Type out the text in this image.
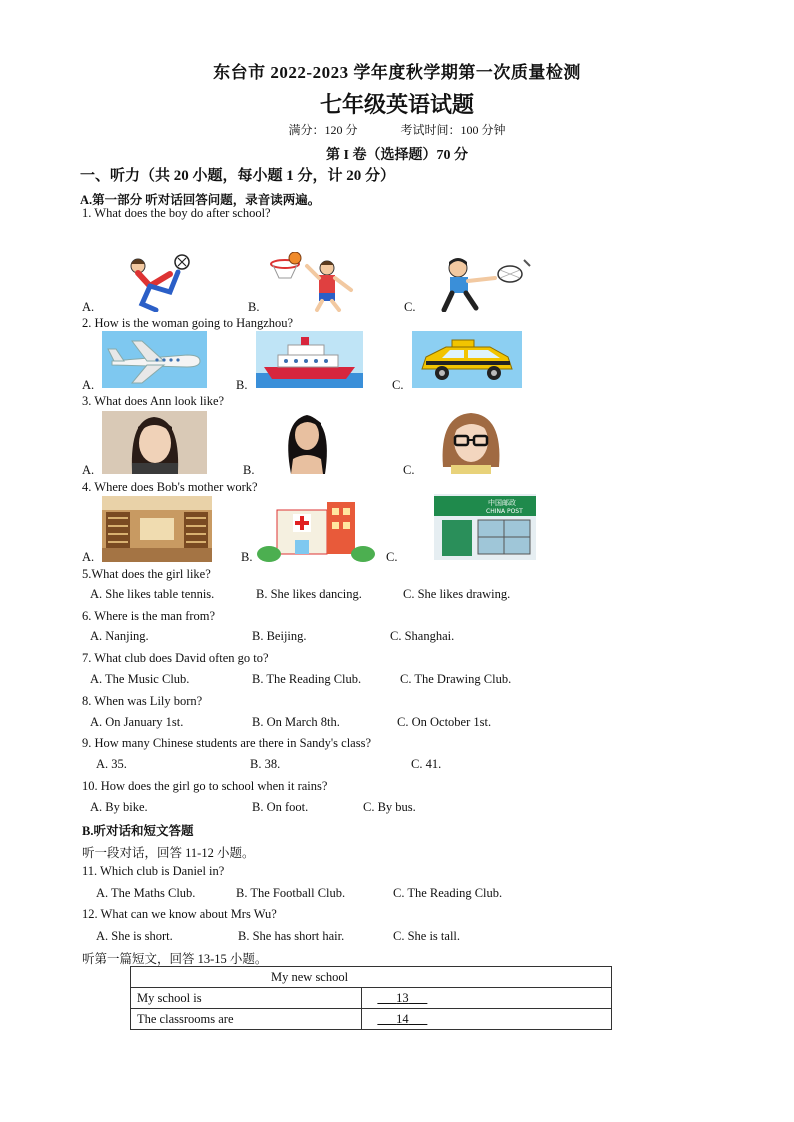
东台市 2022-2023 学年度秋学期第一次质量检测
七年级英语试题
满分：120 分	考试时间：100 分钟
第 I 卷（选择题）70 分
一、听力（共 20 小题，每小题 1 分，计 20 分）
A.第一部分 听对话回答问题，录音读两遍。
1. What does the boy do after school?
A.	B.	C.
2. How is the woman going to Hangzhou?
A.	B.	C.
3. What does Ann look like?
A.	B.	C.
4. Where does Bob's mother work?
中国邮政
CHINA POST
A.	B.	C.
5.What does the girl like?
A. She likes table tennis.	B. She likes dancing.	C. She likes drawing.
6. Where is the man from?
A. Nanjing.	B. Beijing.	C. Shanghai.
7. What club does David often go to?
A. The Music Club.	B. The Reading Club.	C. The Drawing Club.
8. When was Lily born?
A. On January 1st.	B. On March 8th.	C. On October 1st.
9. How many Chinese students are there in Sandy's class?
A. 35.	B. 38.	C. 41.
10. How does the girl go to school when it rains?
A. By bike.	B. On foot.	C. By bus.
B.听对话和短文答题
听一段对话，回答 11-12 小题。
11. Which club is Daniel in?
A. The Maths Club.	B. The Football Club.	C. The Reading Club.
12. What can we know about Mrs Wu?
A. She is short.	B. She has short hair.	C. She is tall.
听第一篇短文，回答 13-15 小题。
My new school	
My school is	13
The classrooms are	14
